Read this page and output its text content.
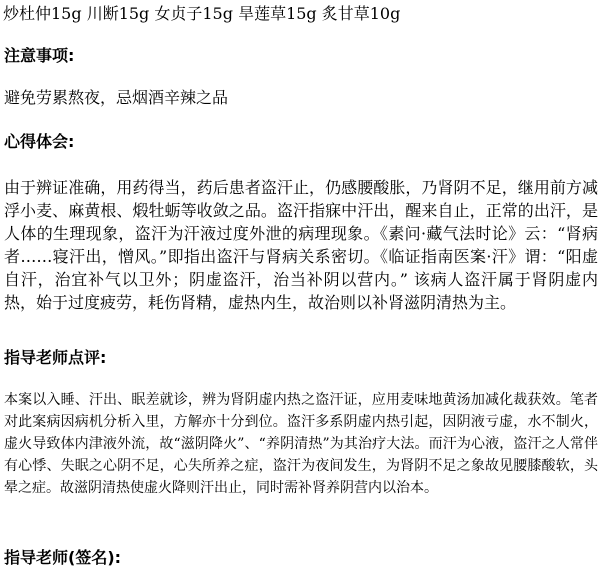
炒杜仲15g 川断15g 女贞子15g 旱莲草15g 炙甘草10g
注意事项:
避免劳累熬夜，忌烟酒辛辣之品
心得体会:
由于辨证准确，用药得当，药后患者盗汗止，仍感腰酸胀，乃肾阴不足，继用前方减浮小麦、麻黄根、煅牡蛎等收敛之品。盗汗指寐中汗出，醒来自止，正常的出汗，是人体的生理现象，盗汗为汗液过度外泄的病理现象。《素问·藏气法时论》云：“肾病者……寝汗出，憎风。”即指出盗汗与肾病关系密切。《临证指南医案·汗》谓：“阳虚自汗，治宜补气以卫外；阴虚盗汗，治当补阴以营内。” 该病人盗汗属于肾阴虚内热，始于过度疲劳，耗伤肾精，虚热内生，故治则以补肾滋阴清热为主。
指导老师点评:
本案以入睡、汗出、眠差就诊，辨为肾阴虚内热之盗汗证，应用麦味地黄汤加减化裁获效。笔者对此案病因病机分析入里，方解亦十分到位。盗汗多系阴虚内热引起，因阴液亏虚，水不制火，虚火导致体内津液外流，故“滋阴降火”、“养阴清热”为其治疗大法。而汗为心液，盗汗之人常伴有心悸、失眠之心阴不足，心失所养之症，盗汗为夜间发生，为肾阴不足之象故见腰膝酸软，头晕之症。故滋阴清热使虚火降则汗出止，同时需补肾养阴营内以治本。
指导老师(签名):
